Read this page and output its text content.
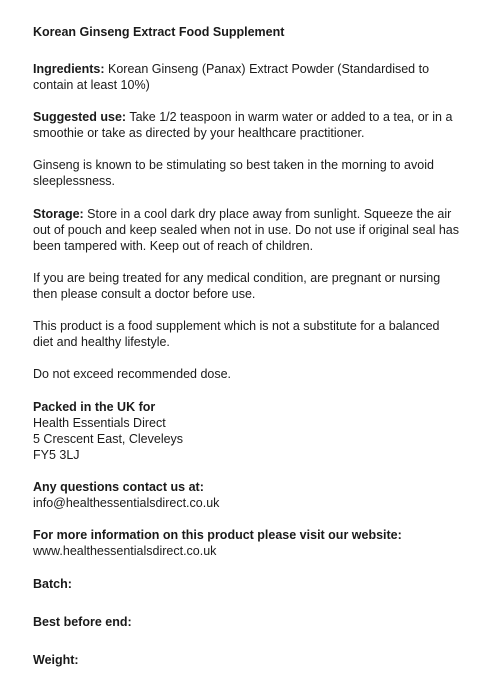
Korean Ginseng Extract Food Supplement

Ingredients: Korean Ginseng (Panax) Extract Powder (Standardised to contain at least 10%)

Suggested use: Take 1/2 teaspoon in warm water or added to a tea, or in a smoothie or take as directed by your healthcare practitioner.

Ginseng is known to be stimulating so best taken in the morning to avoid sleeplessness.

Storage: Store in a cool dark dry place away from sunlight. Squeeze the air out of pouch and keep sealed when not in use. Do not use if original seal has been tampered with. Keep out of reach of children.

If you are being treated for any medical condition, are pregnant or nursing then please consult a doctor before use.

This product is a food supplement which is not a substitute for a balanced diet and healthy lifestyle.

Do not exceed recommended dose.

Packed in the UK for
Health Essentials Direct
5 Crescent East, Cleveleys
FY5 3LJ

Any questions contact us at:
info@healthessentialsdirect.co.uk

For more information on this product please visit our website:
www.healthessentialsdirect.co.uk

Batch:

Best before end:

Weight:
